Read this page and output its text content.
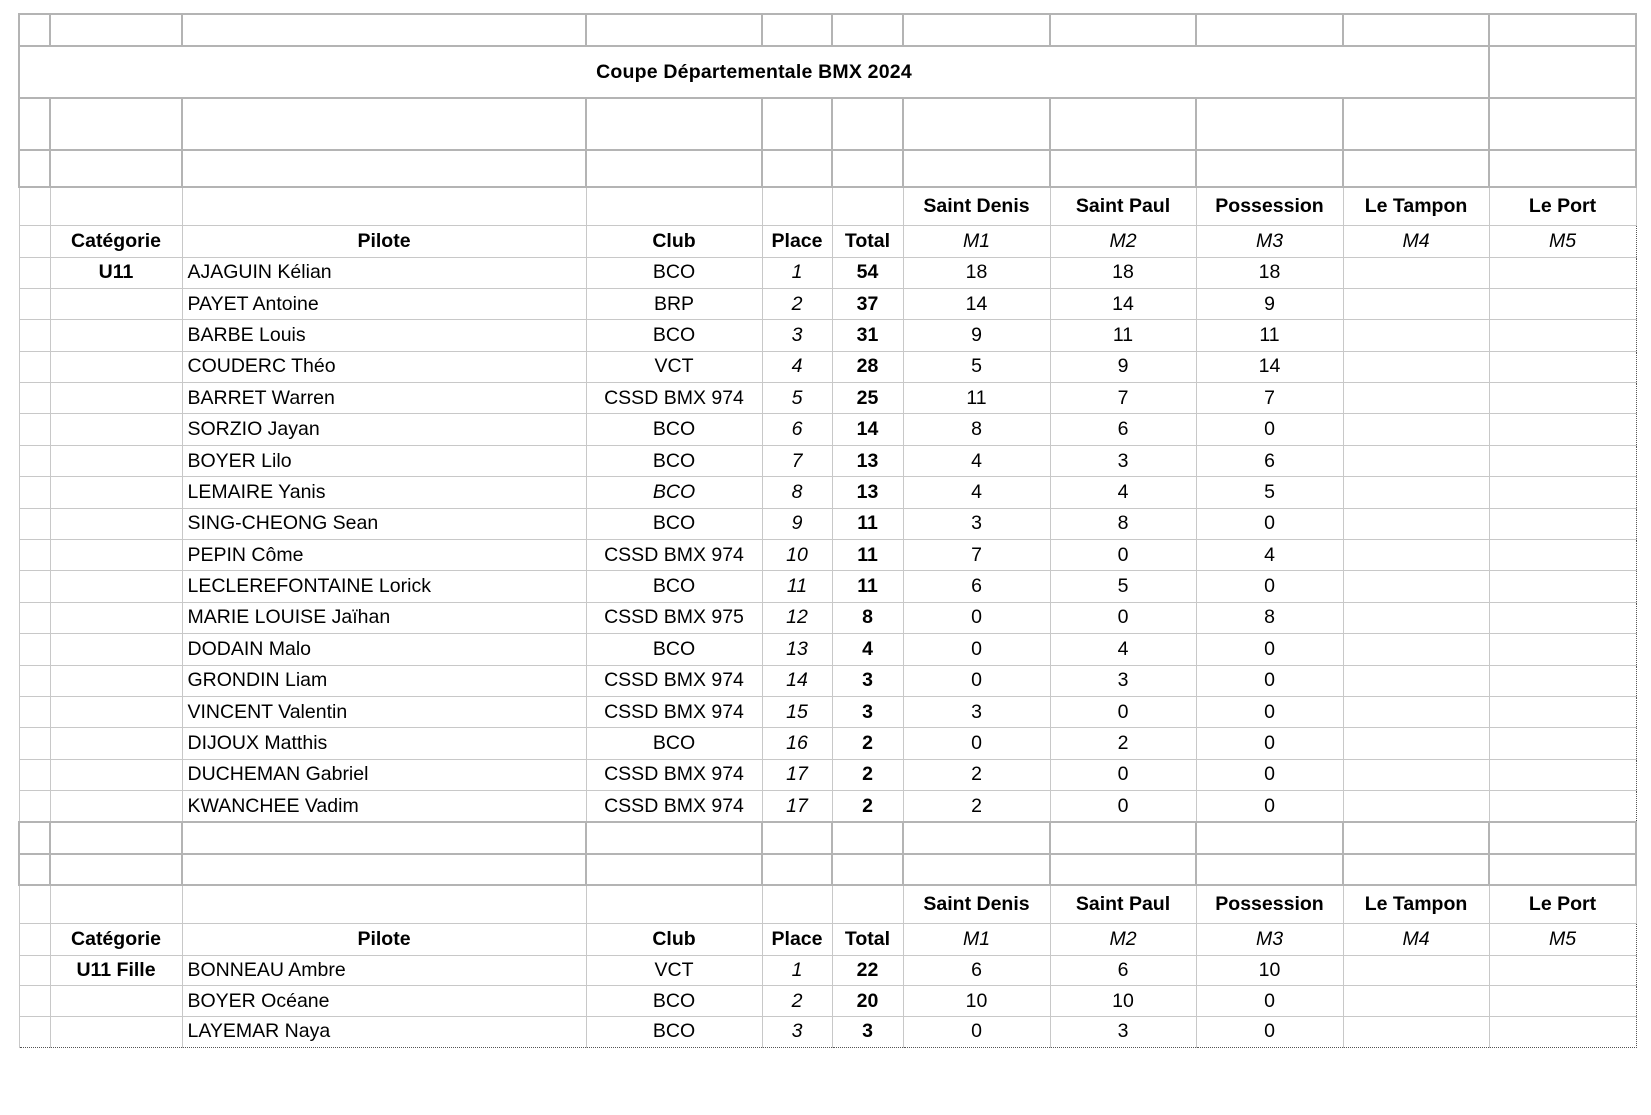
Coupe Départementale BMX 2024										

						Saint Denis	Saint Paul	Possession	Le Tampon	Le Port
	Catégorie	Pilote	Club	Place	Total	M1	M2	M3	M4	M5
	U11	AJAGUIN Kélian	BCO	1	54	18	18	18		
		PAYET Antoine	BRP	2	37	14	14	9		
		BARBE Louis	BCO	3	31	9	11	11		
		COUDERC Théo	VCT	4	28	5	9	14		
		BARRET Warren	CSSD BMX 974	5	25	11	7	7		
		SORZIO Jayan	BCO	6	14	8	6	0		
		BOYER Lilo	BCO	7	13	4	3	6		
		LEMAIRE Yanis	BCO	8	13	4	4	5		
		SING-CHEONG Sean	BCO	9	11	3	8	0		
		PEPIN Côme	CSSD BMX 974	10	11	7	0	4		
		LECLEREFONTAINE Lorick	BCO	11	11	6	5	0		
		MARIE LOUISE Jaïhan	CSSD BMX 975	12	8	0	0	8		
		DODAIN Malo	BCO	13	4	0	4	0		
		GRONDIN Liam	CSSD BMX 974	14	3	0	3	0		
		VINCENT Valentin	CSSD BMX 974	15	3	3	0	0		
		DIJOUX Matthis	BCO	16	2	0	2	0		
		DUCHEMAN Gabriel	CSSD BMX 974	17	2	2	0	0		
		KWANCHEE Vadim	CSSD BMX 974	17	2	2	0	0		

						Saint Denis	Saint Paul	Possession	Le Tampon	Le Port
	Catégorie	Pilote	Club	Place	Total	M1	M2	M3	M4	M5
	U11 Fille	BONNEAU Ambre	VCT	1	22	6	6	10		
		BOYER Océane	BCO	2	20	10	10	0		
		LAYEMAR Naya	BCO	3	3	0	3	0		
